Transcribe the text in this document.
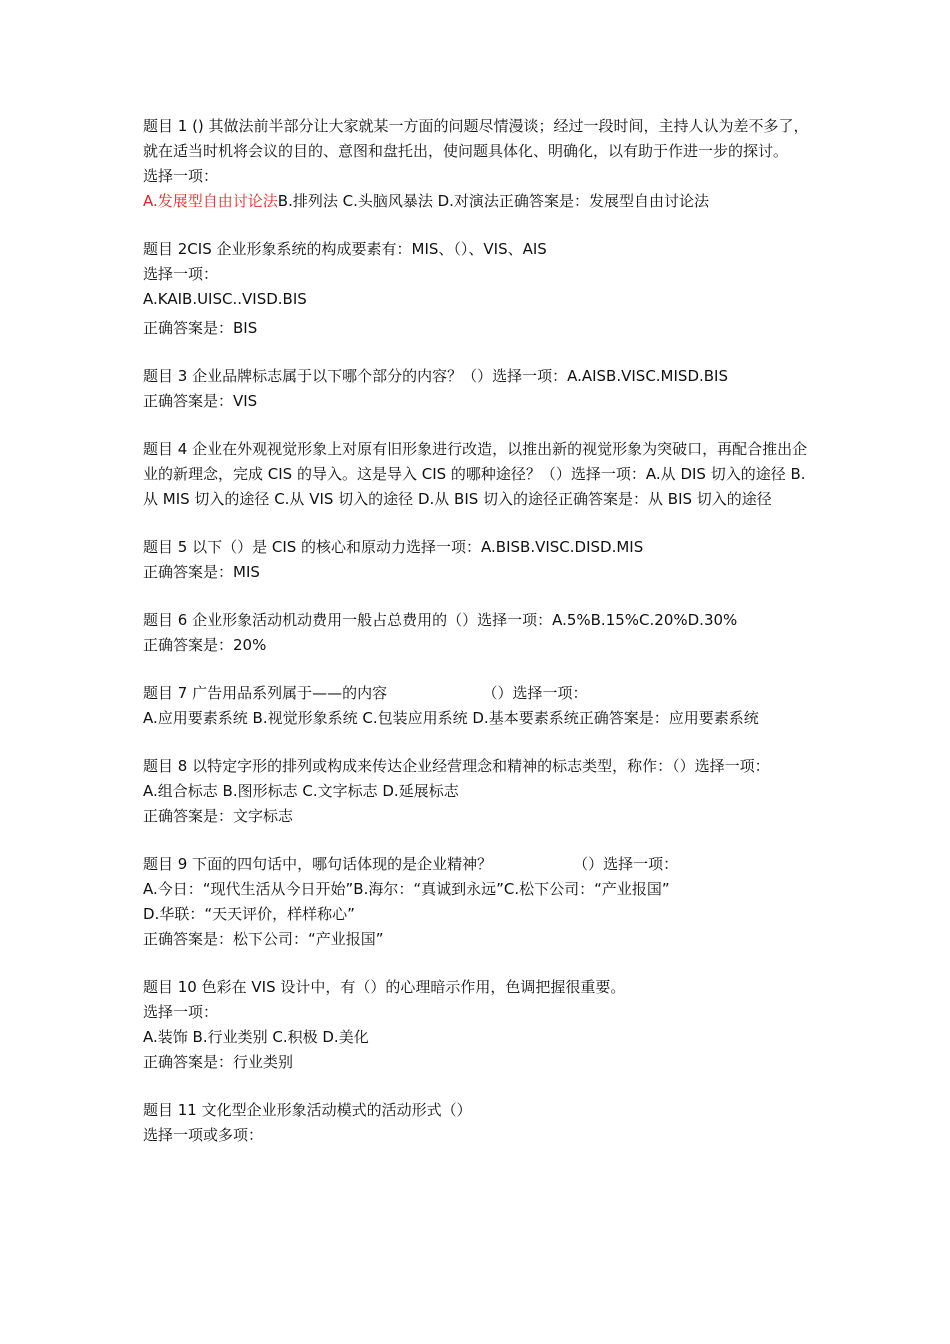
题目 1 () 其做法前半部分让大家就某一方面的问题尽情漫谈；经过一段时间，主持人认为差不多了，就在适当时机将会议的目的、意图和盘托出，使问题具体化、明确化，以有助于作进一步的探讨。
选择一项：
A.发展型自由讨论法B.排列法 C.头脑风暴法 D.对演法正确答案是：发展型自由讨论法
题目 2CIS 企业形象系统的构成要素有：MIS、（）、VIS、AIS
选择一项：
A.KAIB.UISC..VISD.BIS
正确答案是：BIS
题目 3 企业品牌标志属于以下哪个部分的内容？（）选择一项：A.AISB.VISC.MISD.BIS
正确答案是：VIS
题目 4 企业在外观视觉形象上对原有旧形象进行改造，以推出新的视觉形象为突破口，再配合推出企业的新理念，完成 CIS 的导入。这是导入 CIS 的哪种途径？（）选择一项：A.从 DIS 切入的途径 B.从 MIS 切入的途径 C.从 VIS 切入的途径 D.从 BIS 切入的途径正确答案是：从 BIS 切入的途径
题目 5 以下（）是 CIS 的核心和原动力选择一项：A.BISB.VISC.DISD.MIS
正确答案是：MIS
题目 6 企业形象活动机动费用一般占总费用的（）选择一项：A.5%B.15%C.20%D.30%
正确答案是：20%
题目 7 广告用品系列属于——的内容                    （）选择一项：
A.应用要素系统 B.视觉形象系统 C.包装应用系统 D.基本要素系统正确答案是：应用要素系统
题目 8 以特定字形的排列或构成来传达企业经营理念和精神的标志类型，称作：（）选择一项：
A.组合标志 B.图形标志 C.文字标志 D.延展标志
正确答案是：文字标志
题目 9 下面的四句话中，哪句话体现的是企业精神？                 （）选择一项：
A.今日：“现代生活从今日开始”B.海尔：“真诚到永远”C.松下公司：“产业报国”
D.华联：“天天评价，样样称心”
正确答案是：松下公司：“产业报国”
题目 10 色彩在 VIS 设计中，有（）的心理暗示作用，色调把握很重要。
选择一项：
A.装饰 B.行业类别 C.积极 D.美化
正确答案是：行业类别
题目 11 文化型企业形象活动模式的活动形式（）
选择一项或多项：
